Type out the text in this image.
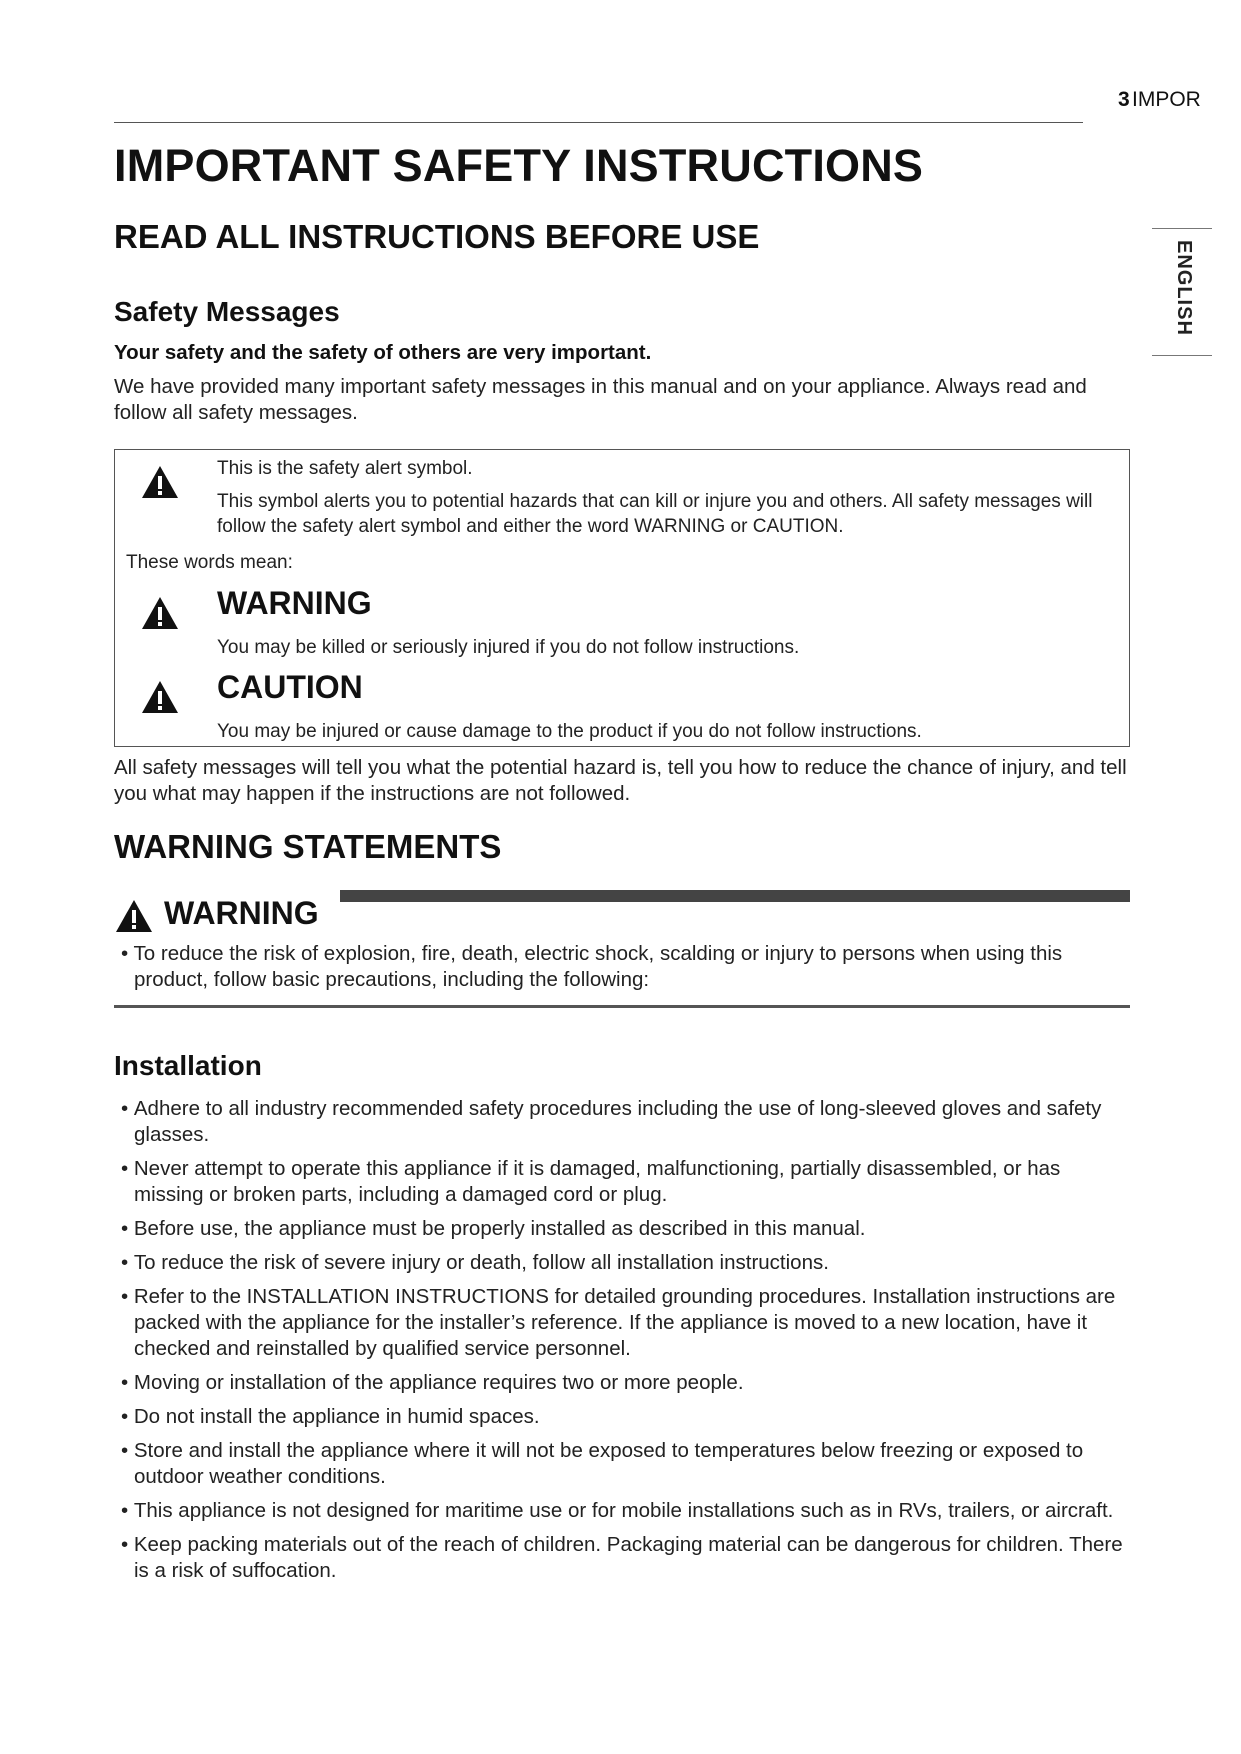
3 IMPOR
ENGLISH
IMPORTANT SAFETY INSTRUCTIONS
READ ALL INSTRUCTIONS BEFORE USE
Safety Messages
Your safety and the safety of others are very important.
We have provided many important safety messages in this manual and on your appliance. Always read and follow all safety messages.
This is the safety alert symbol.
This symbol alerts you to potential hazards that can kill or injure you and others. All safety messages will follow the safety alert symbol and either the word WARNING or CAUTION.
These words mean:
WARNING
You may be killed or seriously injured if you do not follow instructions.
CAUTION
You may be injured or cause damage to the product if you do not follow instructions.
All safety messages will tell you what the potential hazard is, tell you how to reduce the chance of injury, and tell you what may happen if the instructions are not followed.
WARNING STATEMENTS
WARNING
• To reduce the risk of explosion, fire, death, electric shock, scalding or injury to persons when using this product, follow basic precautions, including the following:
Installation
• Adhere to all industry recommended safety procedures including the use of long-sleeved gloves and safety glasses.
• Never attempt to operate this appliance if it is damaged, malfunctioning, partially disassembled, or has missing or broken parts, including a damaged cord or plug.
• Before use, the appliance must be properly installed as described in this manual.
• To reduce the risk of severe injury or death, follow all installation instructions.
• Refer to the INSTALLATION INSTRUCTIONS for detailed grounding procedures. Installation instructions are packed with the appliance for the installer’s reference. If the appliance is moved to a new location, have it checked and reinstalled by qualified service personnel.
• Moving or installation of the appliance requires two or more people.
• Do not install the appliance in humid spaces.
• Store and install the appliance where it will not be exposed to temperatures below freezing or exposed to outdoor weather conditions.
• This appliance is not designed for maritime use or for mobile installations such as in RVs, trailers, or aircraft.
• Keep packing materials out of the reach of children. Packaging material can be dangerous for children. There is a risk of suffocation.
